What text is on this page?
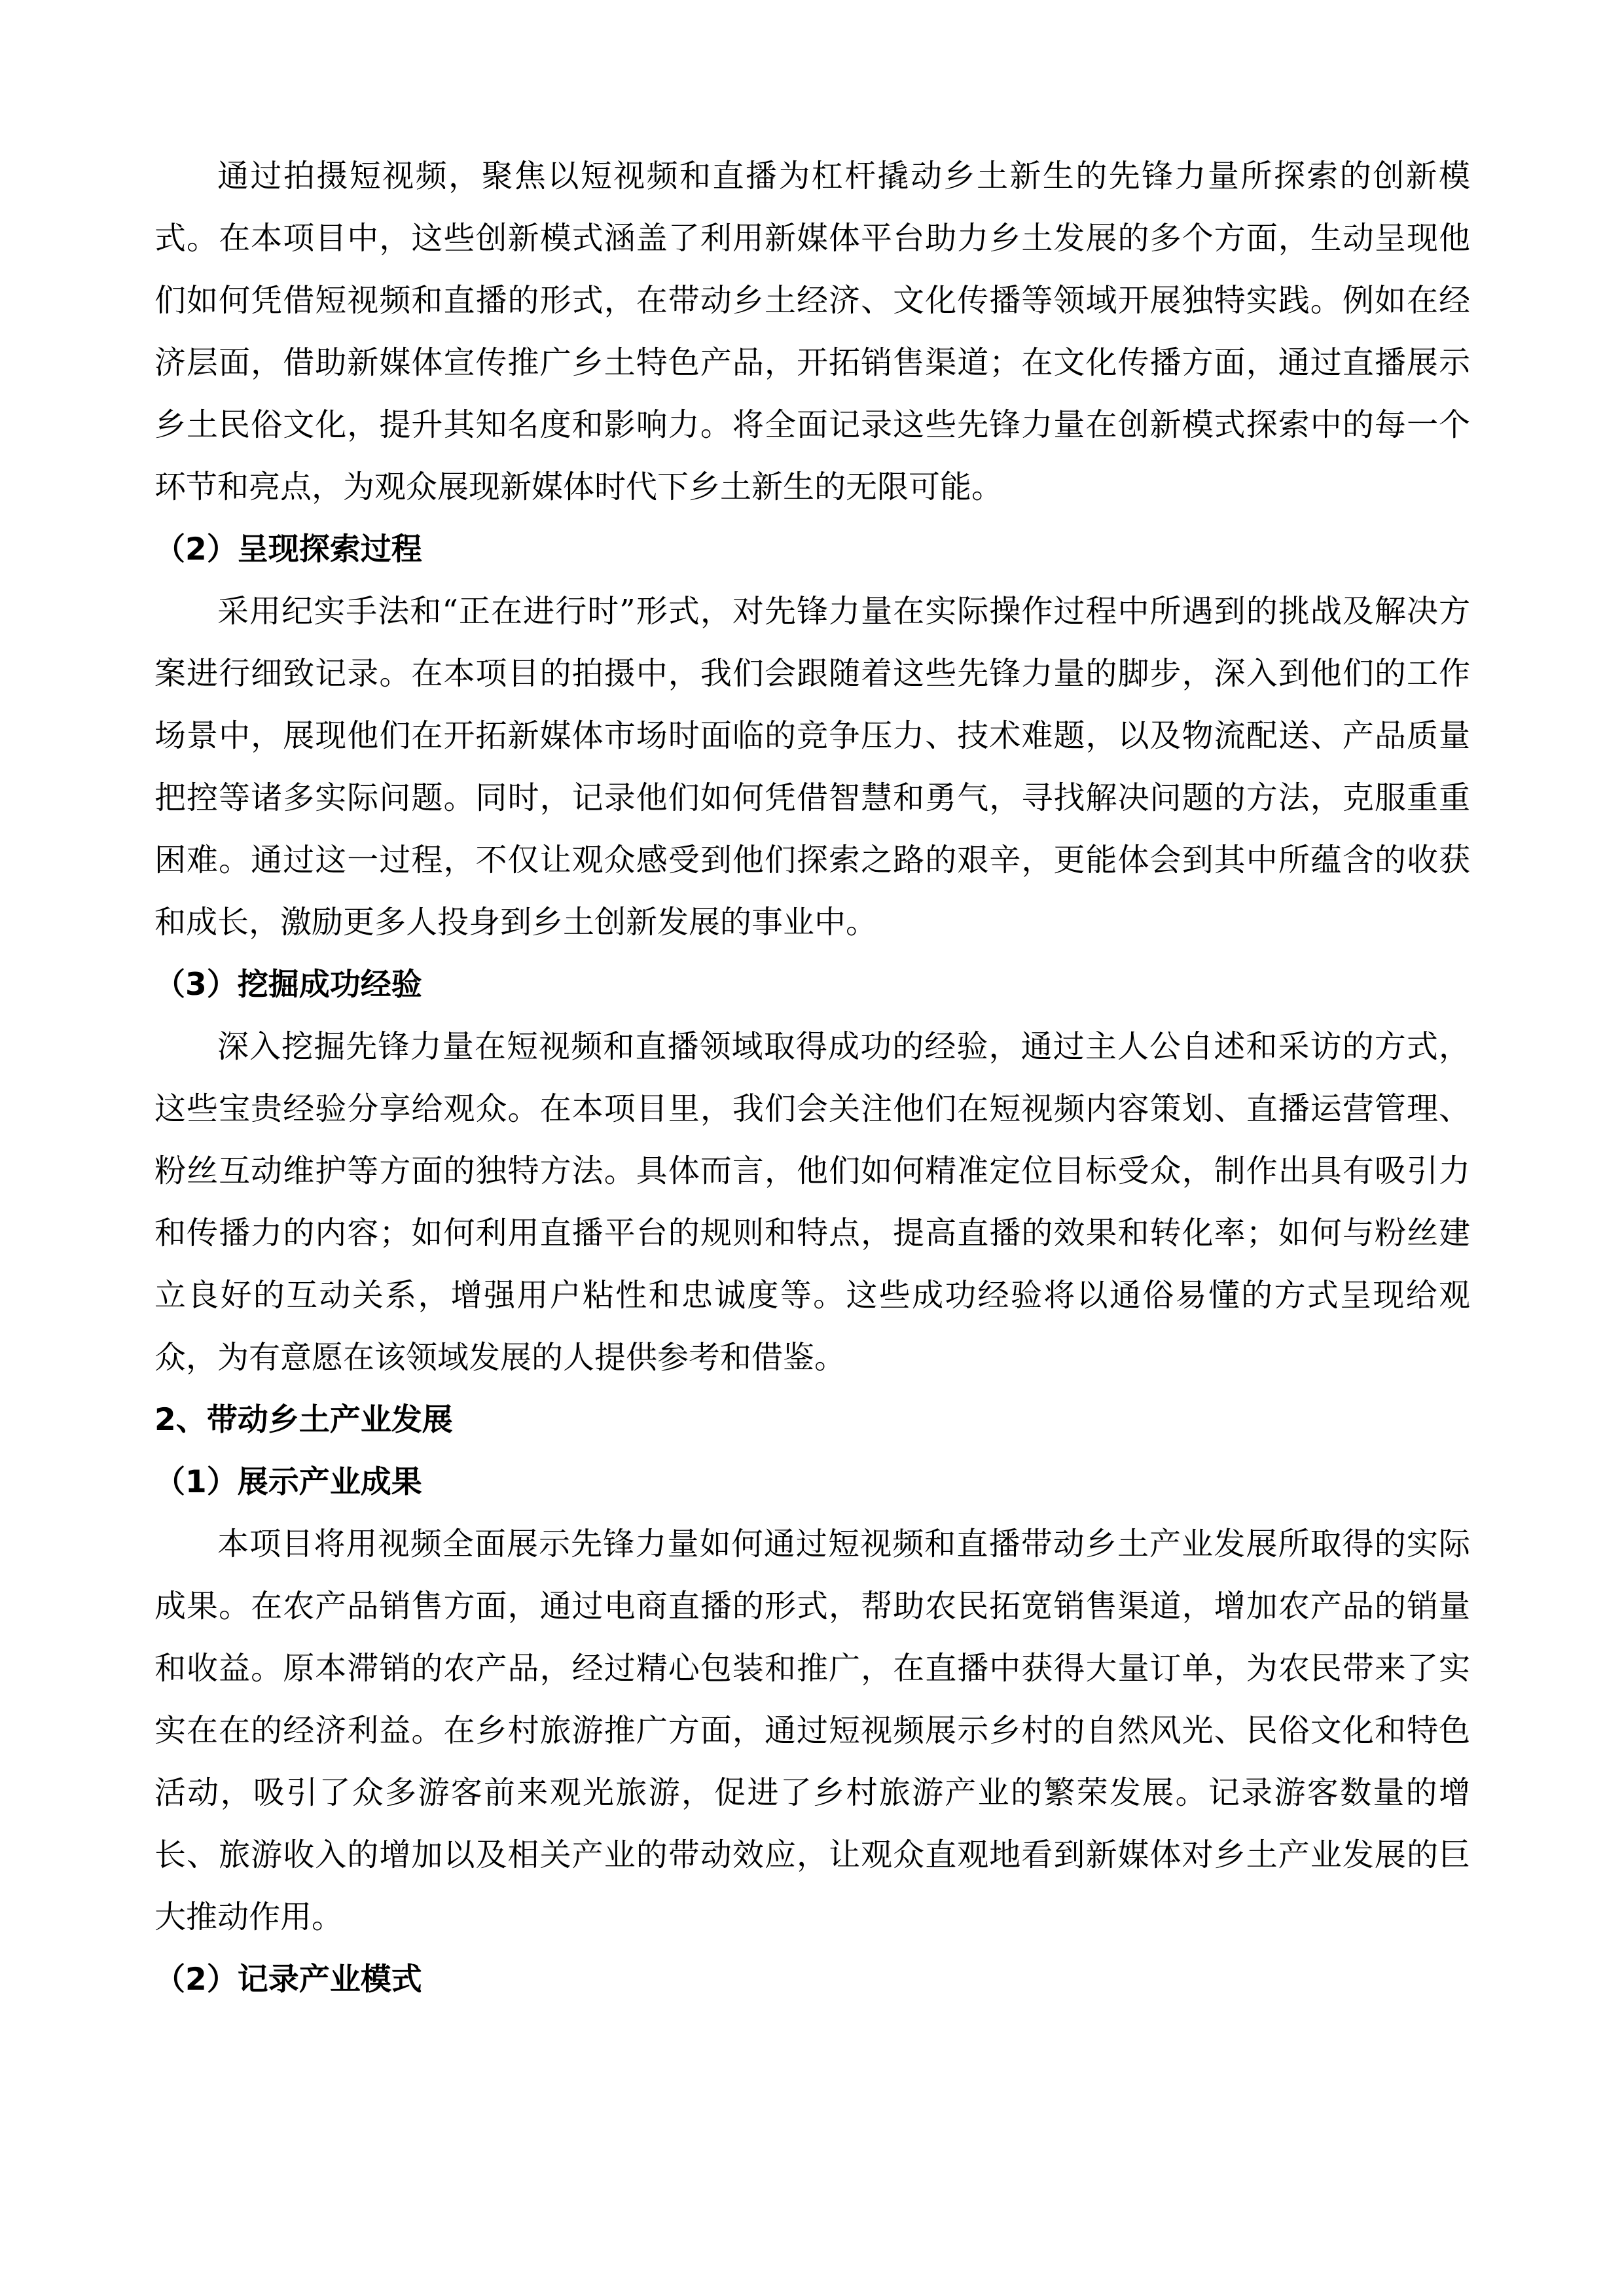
通过拍摄短视频，聚焦以短视频和直播为杠杆撬动乡土新生的先锋力量所探索的创新模式。在本项目中，这些创新模式涵盖了利用新媒体平台助力乡土发展的多个方面，生动呈现他们如何凭借短视频和直播的形式，在带动乡土经济、文化传播等领域开展独特实践。例如在经济层面，借助新媒体宣传推广乡土特色产品，开拓销售渠道；在文化传播方面，通过直播展示乡土民俗文化，提升其知名度和影响力。将全面记录这些先锋力量在创新模式探索中的每一个环节和亮点，为观众展现新媒体时代下乡土新生的无限可能。

（2）呈现探索过程

采用纪实手法和“正在进行时”形式，对先锋力量在实际操作过程中所遇到的挑战及解决方案进行细致记录。在本项目的拍摄中，我们会跟随着这些先锋力量的脚步，深入到他们的工作场景中，展现他们在开拓新媒体市场时面临的竞争压力、技术难题，以及物流配送、产品质量把控等诸多实际问题。同时，记录他们如何凭借智慧和勇气，寻找解决问题的方法，克服重重困难。通过这一过程，不仅让观众感受到他们探索之路的艰辛，更能体会到其中所蕴含的收获和成长，激励更多人投身到乡土创新发展的事业中。

（3）挖掘成功经验

深入挖掘先锋力量在短视频和直播领域取得成功的经验，通过主人公自述和采访的方式，这些宝贵经验分享给观众。在本项目里，我们会关注他们在短视频内容策划、直播运营管理、粉丝互动维护等方面的独特方法。具体而言，他们如何精准定位目标受众，制作出具有吸引力和传播力的内容；如何利用直播平台的规则和特点，提高直播的效果和转化率；如何与粉丝建立良好的互动关系，增强用户粘性和忠诚度等。这些成功经验将以通俗易懂的方式呈现给观众，为有意愿在该领域发展的人提供参考和借鉴。

2、带动乡土产业发展

（1）展示产业成果

本项目将用视频全面展示先锋力量如何通过短视频和直播带动乡土产业发展所取得的实际成果。在农产品销售方面，通过电商直播的形式，帮助农民拓宽销售渠道，增加农产品的销量和收益。原本滞销的农产品，经过精心包装和推广，在直播中获得大量订单，为农民带来了实实在在的经济利益。在乡村旅游推广方面，通过短视频展示乡村的自然风光、民俗文化和特色活动，吸引了众多游客前来观光旅游，促进了乡村旅游产业的繁荣发展。记录游客数量的增长、旅游收入的增加以及相关产业的带动效应，让观众直观地看到新媒体对乡土产业发展的巨大推动作用。

（2）记录产业模式
